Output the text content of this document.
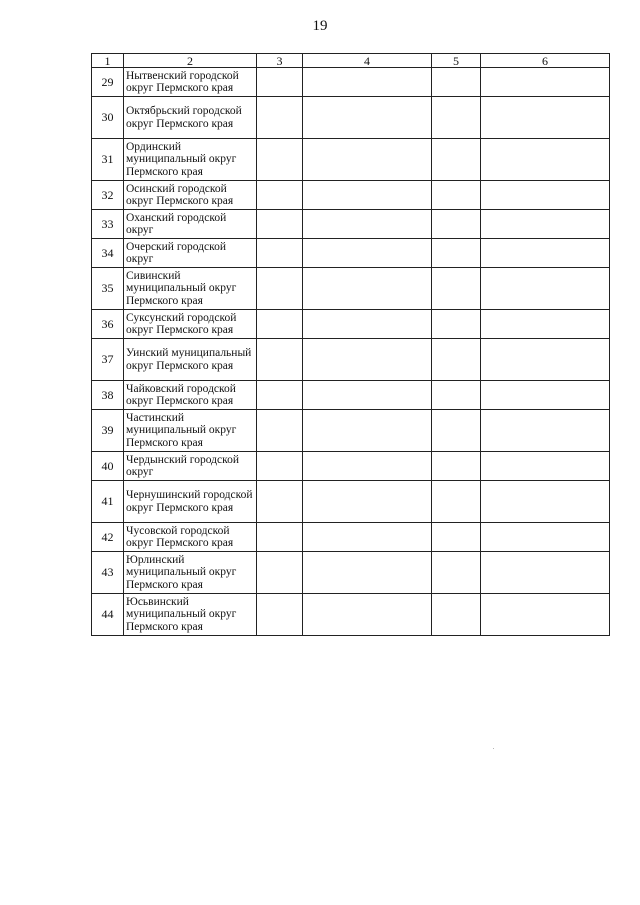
19
1	2	3	4	5	6
29	Нытвенский городской округ Пермского края				
30	Октябрьский городской округ Пермского края				
31	Ординский муниципальный округ Пермского края				
32	Осинский городской округ Пермского края				
33	Оханский городской округ				
34	Очерский городской округ				
35	Сивинский муниципальный округ Пермского края				
36	Суксунский городской округ Пермского края				
37	Уинский муниципальный округ Пермского края				
38	Чайковский городской округ Пермского края				
39	Частинский муниципальный округ Пермского края				
40	Чердынский городской округ				
41	Чернушинский городской округ Пермского края				
42	Чусовской городской округ Пермского края				
43	Юрлинский муниципальный округ Пермского края				
44	Юсьвинский муниципальный округ Пермского края				
